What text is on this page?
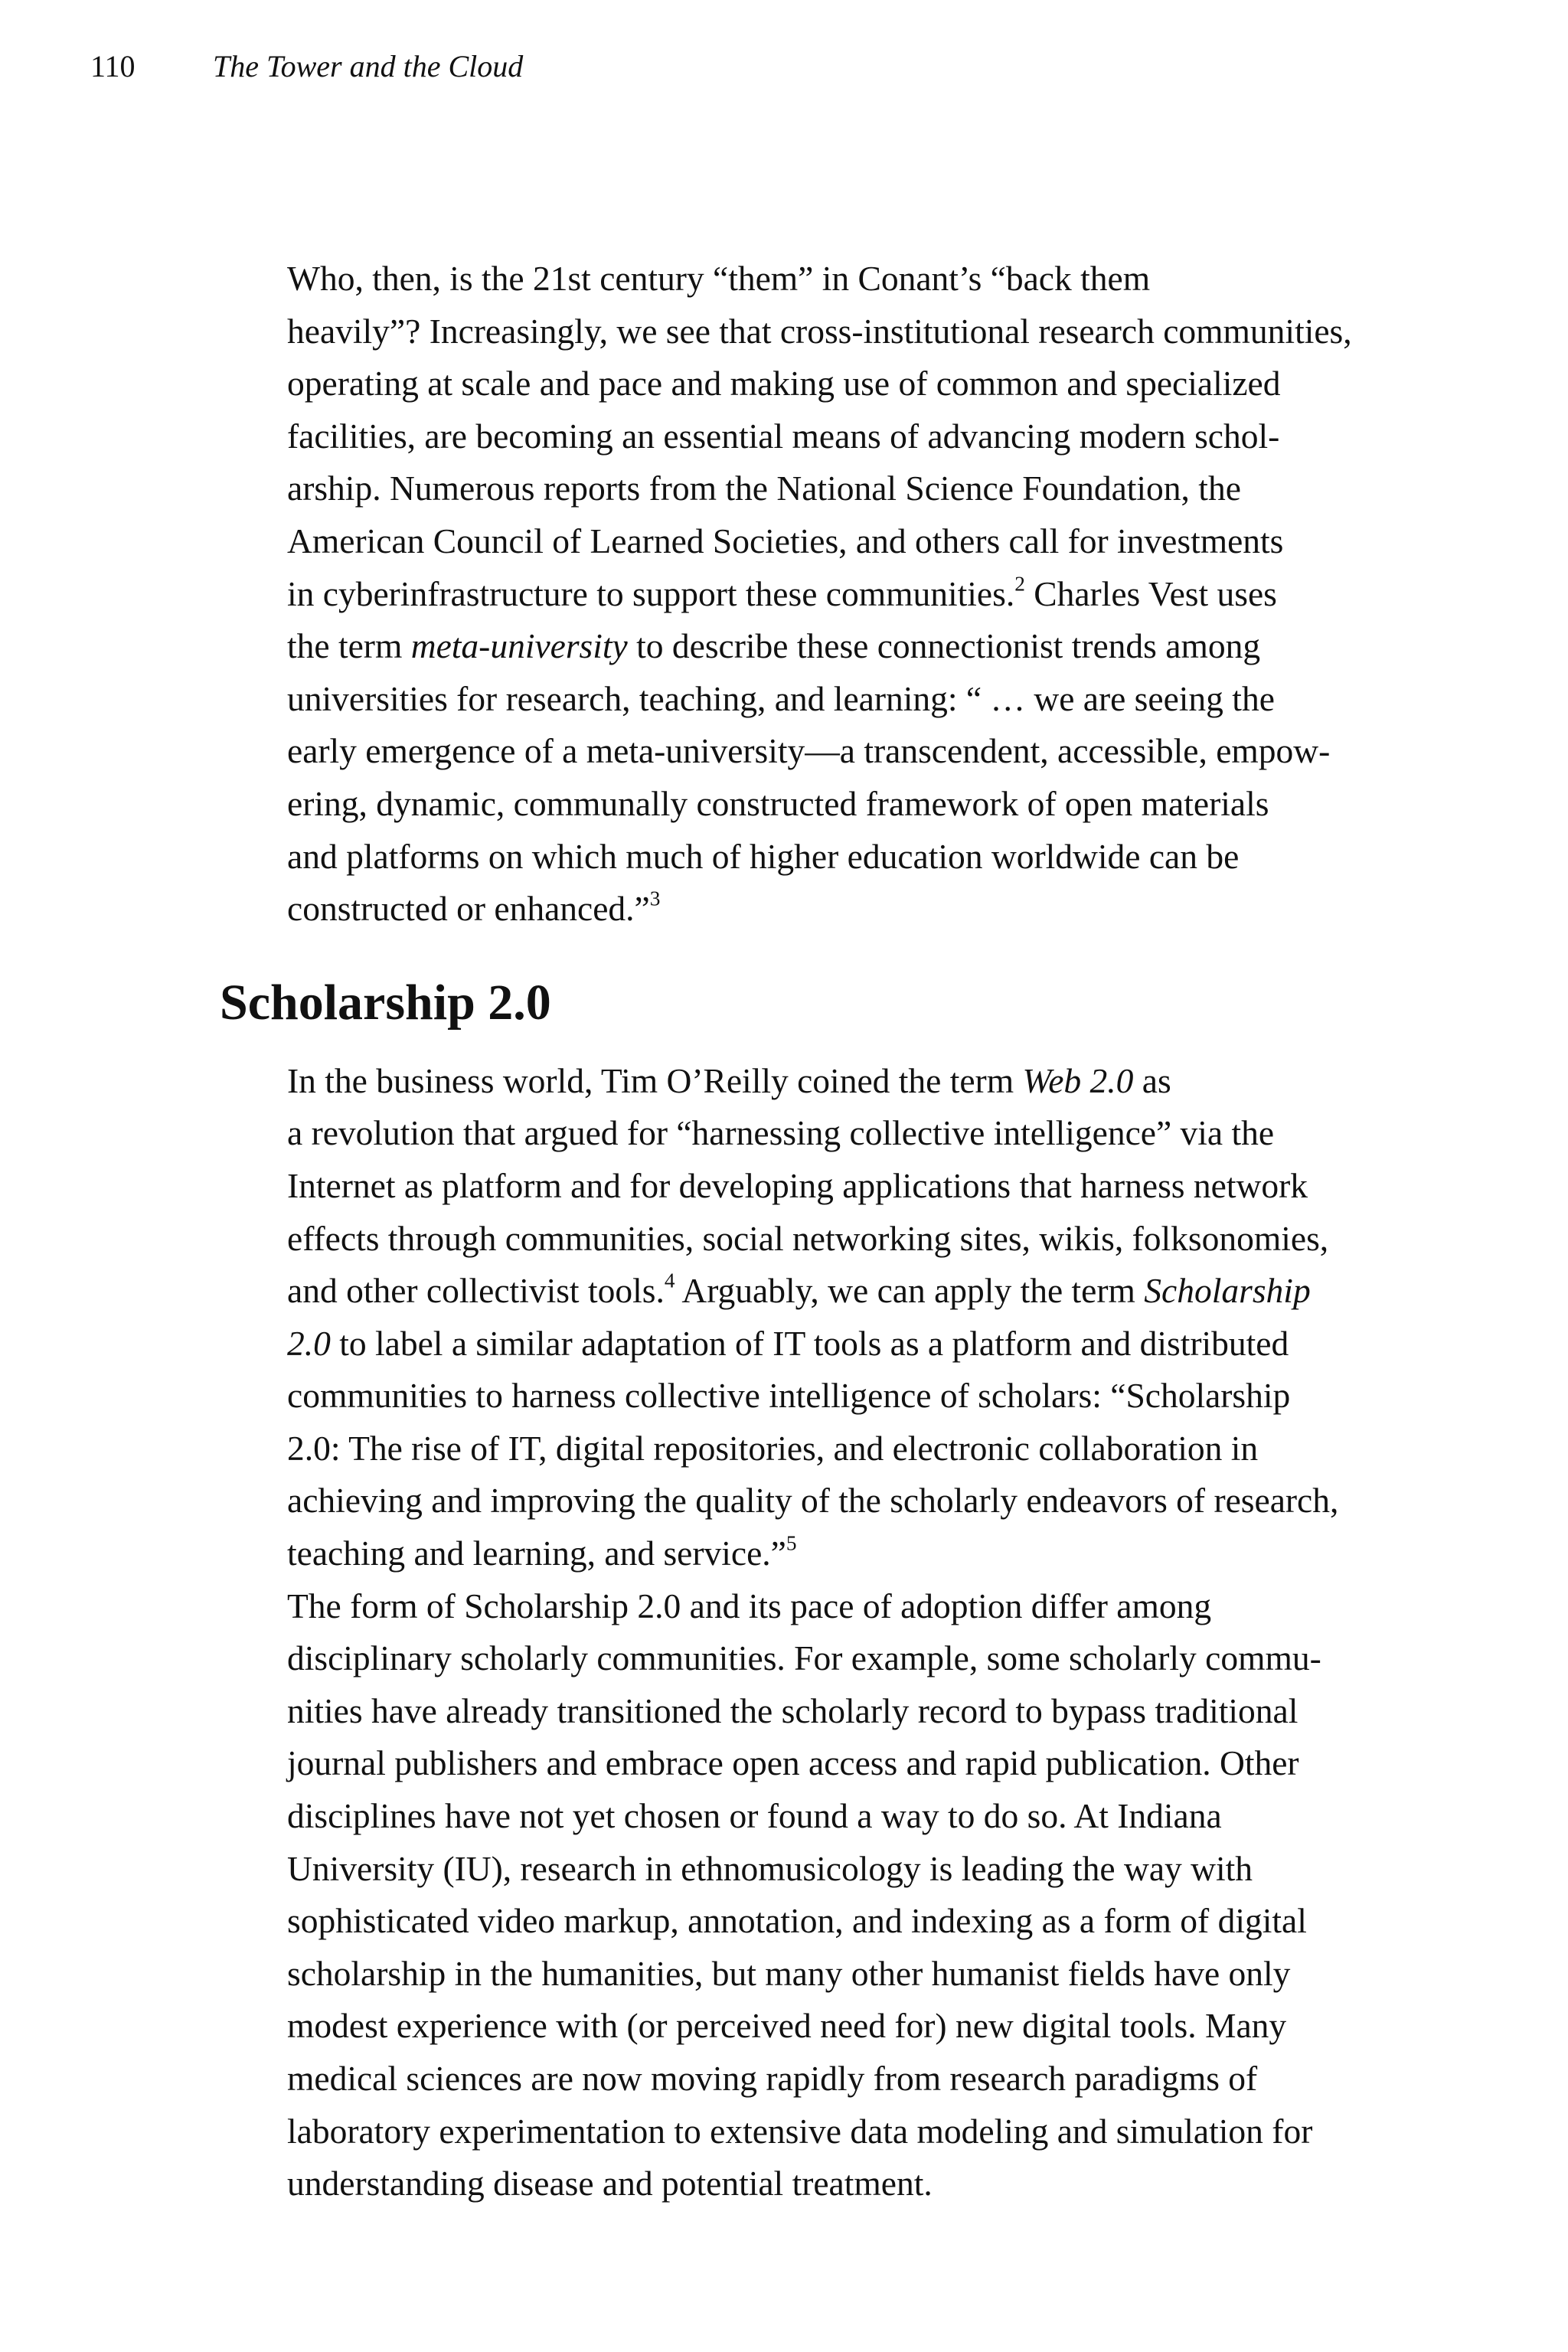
110	The Tower and the Cloud

Who, then, is the 21st century “them” in Conant’s “back them
heavily”? Increasingly, we see that cross-institutional research communities,
operating at scale and pace and making use of common and specialized
facilities, are becoming an essential means of advancing modern schol-
arship. Numerous reports from the National Science Foundation, the
American Council of Learned Societies, and others call for investments
in cyberinfrastructure to support these communities.$^2$ Charles Vest uses
the term meta-university to describe these connectionist trends among
universities for research, teaching, and learning: “ … we are seeing the
early emergence of a meta-university—a transcendent, accessible, empow-
ering, dynamic, communally constructed framework of open materials
and platforms on which much of higher education worldwide can be
constructed or enhanced.”$^3$

Scholarship 2.0

In the business world, Tim O’Reilly coined the term Web 2.0 as
a revolution that argued for “harnessing collective intelligence” via the
Internet as platform and for developing applications that harness network
effects through communities, social networking sites, wikis, folksonomies,
and other collectivist tools.$^4$ Arguably, we can apply the term Scholarship
2.0 to label a similar adaptation of IT tools as a platform and distributed
communities to harness collective intelligence of scholars: “Scholarship
2.0: The rise of IT, digital repositories, and electronic collaboration in
achieving and improving the quality of the scholarly endeavors of research,
teaching and learning, and service.”$^5$

The form of Scholarship 2.0 and its pace of adoption differ among
disciplinary scholarly communities. For example, some scholarly commu-
nities have already transitioned the scholarly record to bypass traditional
journal publishers and embrace open access and rapid publication. Other
disciplines have not yet chosen or found a way to do so. At Indiana
University (IU), research in ethnomusicology is leading the way with
sophisticated video markup, annotation, and indexing as a form of digital
scholarship in the humanities, but many other humanist fields have only
modest experience with (or perceived need for) new digital tools. Many
medical sciences are now moving rapidly from research paradigms of
laboratory experimentation to extensive data modeling and simulation for
understanding disease and potential treatment.
